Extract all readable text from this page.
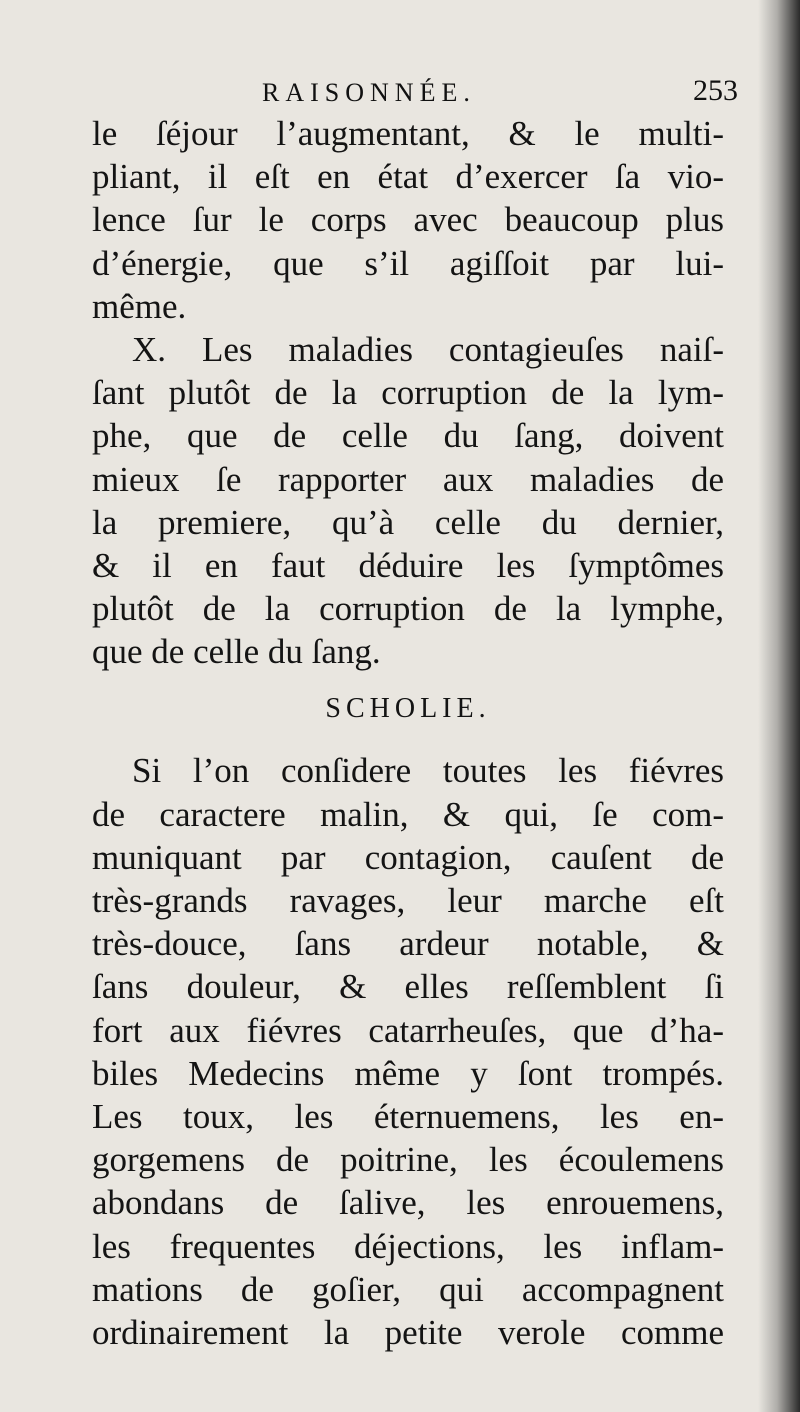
RAISONNÉE.	253
le ſéjour l’augmentant, & le multi-
pliant, il eſt en état d’exercer ſa vio-
lence ſur le corps avec beaucoup plus
d’énergie, que s’il agiſſoit par lui-
même.
X. Les maladies contagieuſes naiſ-
ſant plutôt de la corruption de la lym-
phe, que de celle du ſang, doivent
mieux ſe rapporter aux maladies de
la premiere, qu’à celle du dernier,
& il en faut déduire les ſymptômes
plutôt de la corruption de la lymphe,
que de celle du ſang.
SCHOLIE.
Si l’on conſidere toutes les fiévres
de caractere malin, & qui, ſe com-
muniquant par contagion, cauſent de
très-grands ravages, leur marche eſt
très-douce, ſans ardeur notable, &
ſans douleur, & elles reſſemblent ſi
fort aux fiévres catarrheuſes, que d’ha-
biles Medecins même y ſont trompés.
Les toux, les éternuemens, les en-
gorgemens de poitrine, les écoulemens
abondans de ſalive, les enrouemens,
les frequentes déjections, les inflam-
mations de goſier, qui accompagnent
ordinairement la petite verole comme
